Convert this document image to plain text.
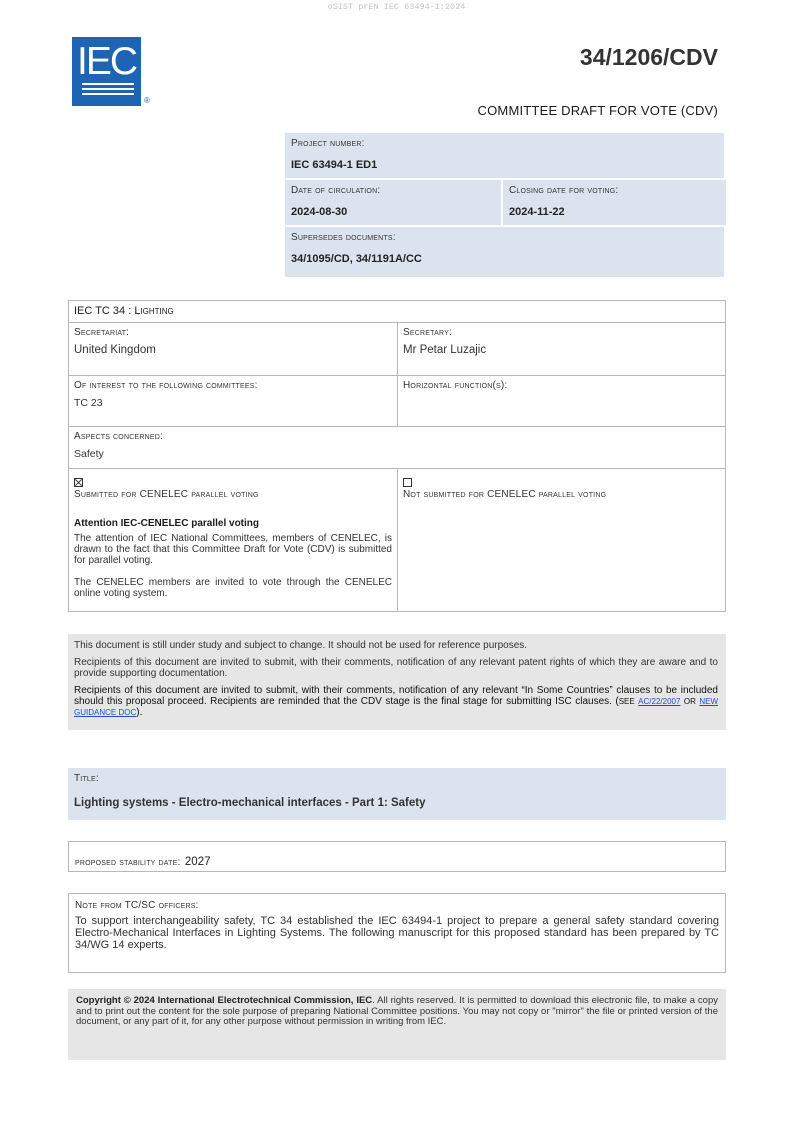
oSIST prEN IEC 63494-1:2024
IEC
®
34/1206/CDV
COMMITTEE DRAFT FOR VOTE (CDV)
Project number:
IEC 63494-1 ED1
Date of circulation:
2024-08-30
Closing date for voting:
2024-11-22
Supersedes documents:
34/1095/CD, 34/1191A/CC
IEC TC 34 : Lighting
Secretariat:
United Kingdom
Secretary:
Mr Petar Luzajic
Of interest to the following committees:
TC 23
Horizontal function(s):
Aspects concerned:
Safety
Submitted for CENELEC parallel voting
Attention IEC-CENELEC parallel voting

The attention of IEC National Committees, members of CENELEC, is drawn to the fact that this Committee Draft for Vote (CDV) is submitted for parallel voting.

The CENELEC members are invited to vote through the CENELEC online voting system.

Not submitted for CENELEC parallel voting

This document is still under study and subject to change. It should not be used for reference purposes.

Recipients of this document are invited to submit, with their comments, notification of any relevant patent rights of which they are aware and to provide supporting documentation.

Recipients of this document are invited to submit, with their comments, notification of any relevant “In Some Countries” clauses to be included should this proposal proceed. Recipients are reminded that the CDV stage is the final stage for submitting ISC clauses. (SEE AC/22/2007 OR NEW GUIDANCE DOC).

Title:
Lighting systems - Electro-mechanical interfaces - Part 1: Safety
proposed stability date: 2027
Note from TC/SC officers:

To support interchangeability safety, TC 34 established the IEC 63494-1 project to prepare a general safety standard covering Electro-Mechanical Interfaces in Lighting Systems. The following manuscript for this proposed standard has been prepared by TC 34/WG 14 experts.

Copyright © 2024 International Electrotechnical Commission, IEC. All rights reserved. It is permitted to download this electronic file, to make a copy and to print out the content for the sole purpose of preparing National Committee positions. You may not copy or "mirror" the file or printed version of the document, or any part of it, for any other purpose without permission in writing from IEC.
